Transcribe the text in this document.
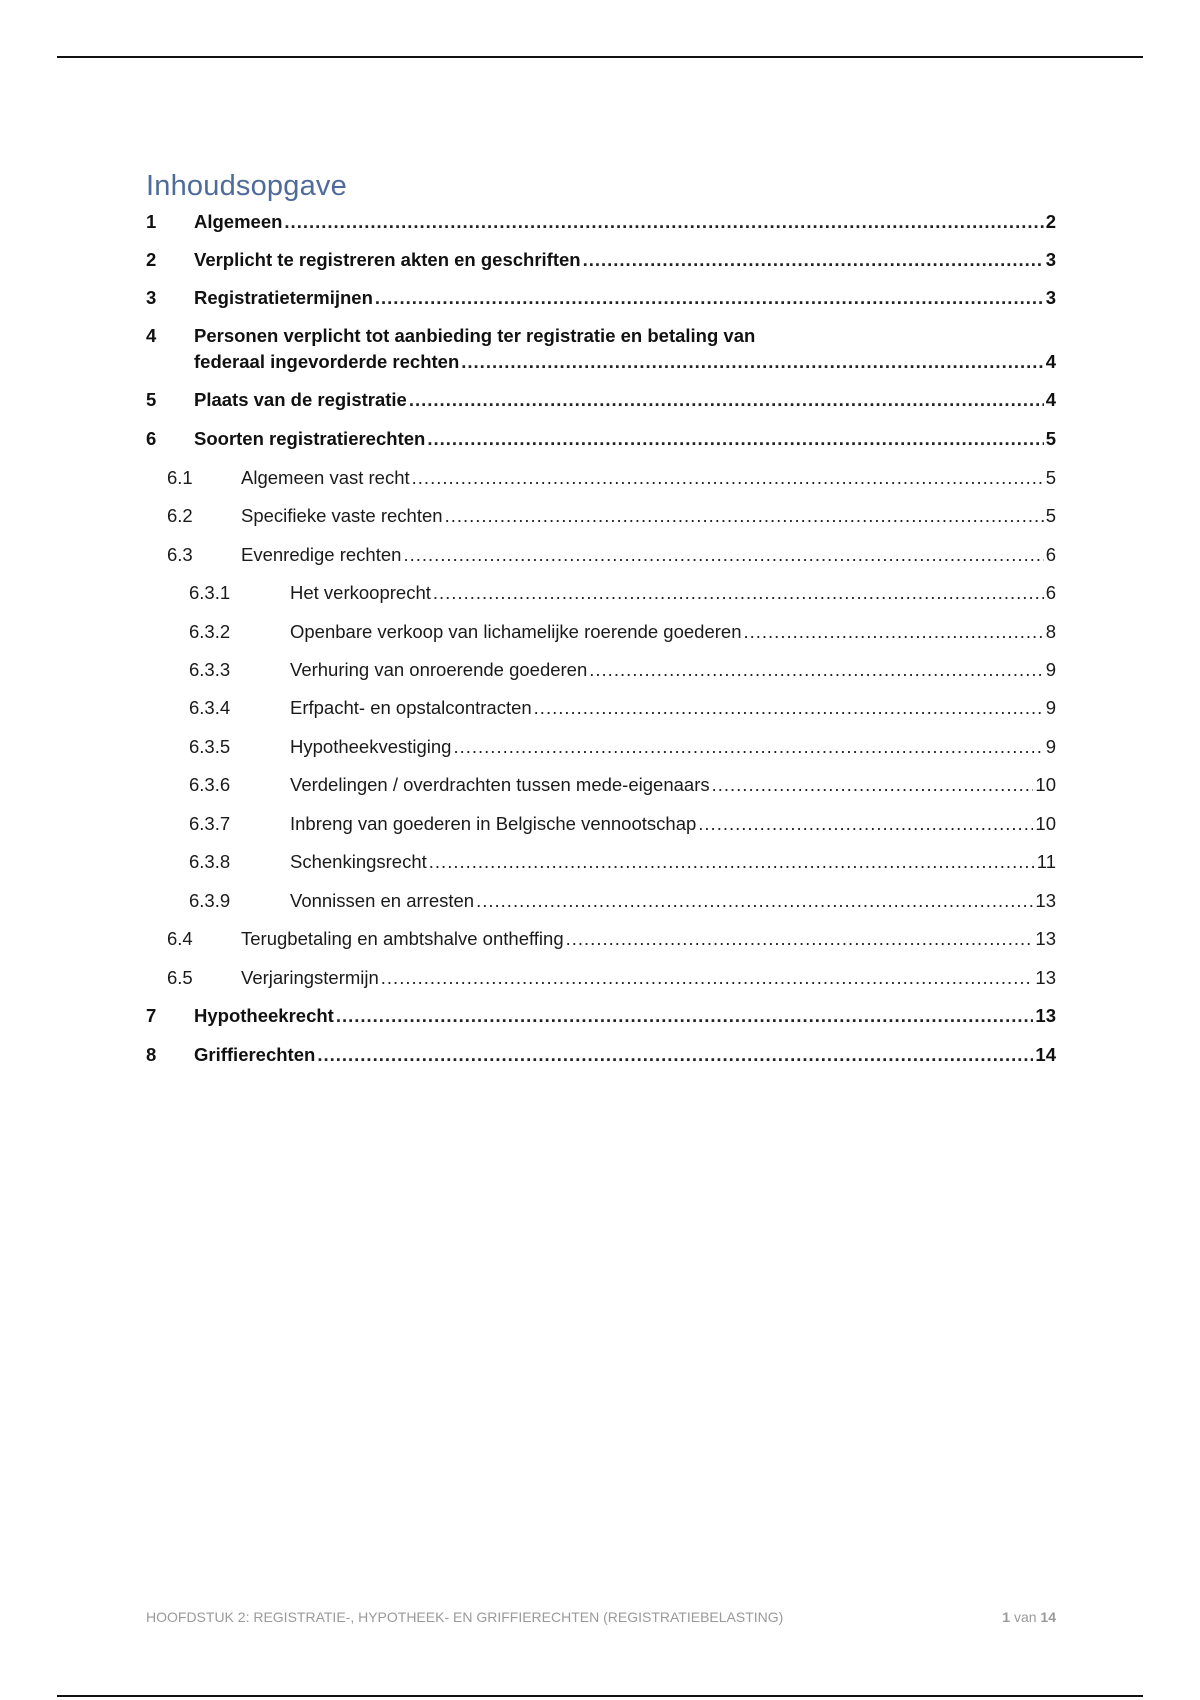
Inhoudsopgave
1	Algemeen .....	2
2	Verplicht te registreren akten en geschriften .....	3
3	Registratietermijnen .....	3
4	Personen verplicht tot aanbieding ter registratie en betaling van
federaal ingevorderde rechten .....	4
5	Plaats van de registratie .....	4
6	Soorten registratierechten .....	5
6.1	Algemeen vast recht .....	5
6.2	Specifieke vaste rechten .....	5
6.3	Evenredige rechten .....	6
6.3.1	Het verkooprecht .....	6
6.3.2	Openbare verkoop van lichamelijke roerende goederen .....	8
6.3.3	Verhuring van onroerende goederen .....	9
6.3.4	Erfpacht- en opstalcontracten .....	9
6.3.5	Hypotheekvestiging .....	9
6.3.6	Verdelingen / overdrachten tussen mede-eigenaars .....	10
6.3.7	Inbreng van goederen in Belgische vennootschap .....	10
6.3.8	Schenkingsrecht .....	11
6.3.9	Vonnissen en arresten .....	13
6.4	Terugbetaling en ambtshalve ontheffing .....	13
6.5	Verjaringstermijn .....	13
7	Hypotheekrecht .....	13
8	Griffierechten .....	14
HOOFDSTUK 2: REGISTRATIE-, HYPOTHEEK- EN GRIFFIERECHTEN (REGISTRATIEBELASTING)	1 van 14
